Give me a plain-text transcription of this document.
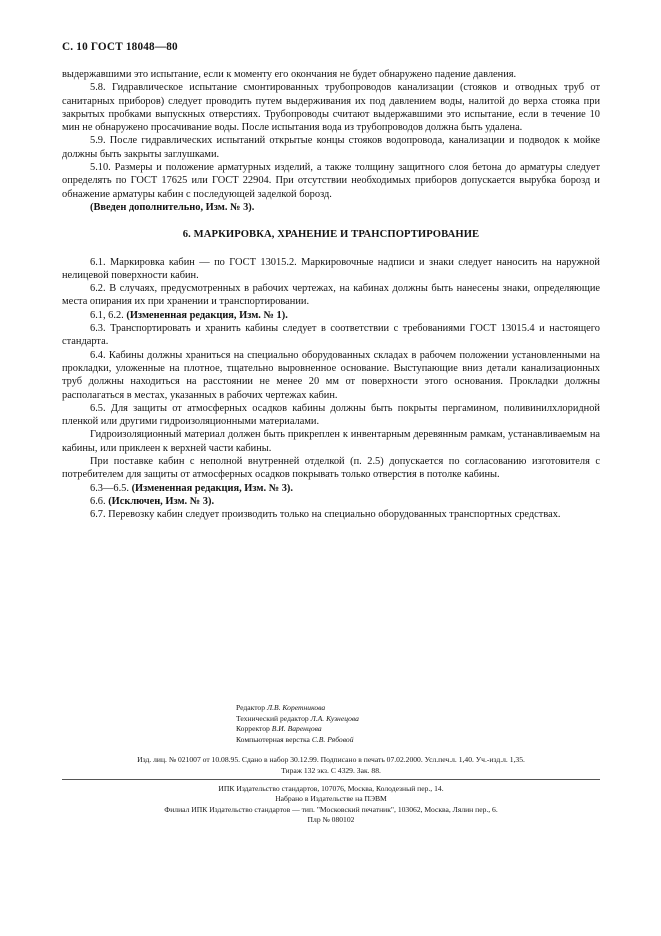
С. 10 ГОСТ 18048—80

выдержавшими это испытание, если к моменту его окончания не будет обнаружено падение давления.

5.8. Гидравлическое испытание смонтированных трубопроводов канализации (стояков и отводных труб от санитарных приборов) следует проводить путем выдерживания их под давлением воды, налитой до верха стояка при закрытых пробками выпускных отверстиях. Трубопроводы считают выдержавшими это испытание, если в течение 10 мин не обнаружено просачивание воды. После испытания вода из трубопроводов должна быть удалена.

5.9. После гидравлических испытаний открытые концы стояков водопровода, канализации и подводок к мойке должны быть закрыты заглушками.

5.10. Размеры и положение арматурных изделий, а также толщину защитного слоя бетона до арматуры следует определять по ГОСТ 17625 или ГОСТ 22904. При отсутствии необходимых приборов допускается вырубка борозд и обнажение арматуры кабин с последующей заделкой борозд.

(Введен дополнительно, Изм. № 3).

6. МАРКИРОВКА, ХРАНЕНИЕ И ТРАНСПОРТИРОВАНИЕ

6.1. Маркировка кабин — по ГОСТ 13015.2. Маркировочные надписи и знаки следует наносить на наружной нелицевой поверхности кабин.

6.2. В случаях, предусмотренных в рабочих чертежах, на кабинах должны быть нанесены знаки, определяющие места опирания их при хранении и транспортировании.

6.1, 6.2. (Измененная редакция, Изм. № 1).

6.3. Транспортировать и хранить кабины следует в соответствии с требованиями ГОСТ 13015.4 и настоящего стандарта.

6.4. Кабины должны храниться на специально оборудованных складах в рабочем положении установленными на прокладки, уложенные на плотное, тщательно выровненное основание. Выступающие вниз детали канализационных труб должны находиться на расстоянии не менее 20 мм от поверхности этого основания. Прокладки должны располагаться в местах, указанных в рабочих чертежах кабин.

6.5. Для защиты от атмосферных осадков кабины должны быть покрыты пергамином, поливинилхлоридной пленкой или другими гидроизоляционными материалами.

Гидроизоляционный материал должен быть прикреплен к инвентарным деревянным рамкам, устанавливаемым на кабины, или приклеен к верхней части кабины.

При поставке кабин с неполной внутренней отделкой (п. 2.5) допускается по согласованию изготовителя с потребителем для защиты от атмосферных осадков покрывать только отверстия в потолке кабины.

6.3—6.5. (Измененная редакция, Изм. № 3).

6.6. (Исключен, Изм. № 3).

6.7. Перевозку кабин следует производить только на специально оборудованных транспортных средствах.

Редактор Л.В. Коретникова
Технический редактор Л.А. Кузнецова
Корректор В.И. Варенцова
Компьютерная верстка С.В. Рябовой
Изд. лиц. № 021007 от 10.08.95. Сдано в набор 30.12.99. Подписано в печать 07.02.2000. Усл.печ.л. 1,40. Уч.-изд.л. 1,35.
Тираж 132 экз. С 4329. Зак. 88.
ИПК Издательство стандартов, 107076, Москва, Колодезный пер., 14.
Набрано в Издательстве на ПЭВМ
Филиал ИПК Издательство стандартов — тип. "Московский печатник", 103062, Москва, Лялин пер., 6.
Плр № 080102
